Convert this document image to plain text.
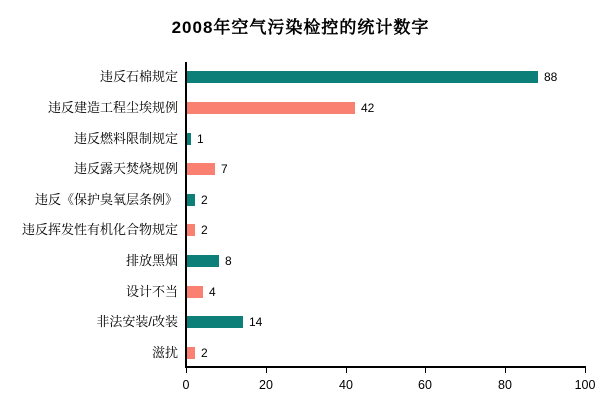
2008年空气污染检控的统计数字
88
违反石棉规定
42
违反建造工程尘埃规例
1
违反燃料限制规定
7
违反露天焚烧规例
2
违反《保护臭氧层条例》
2
违反挥发性有机化合物规定
8
排放黑烟
4
设计不当
14
非法安装/改装
2
滋扰
0	20	40	60	80	100
